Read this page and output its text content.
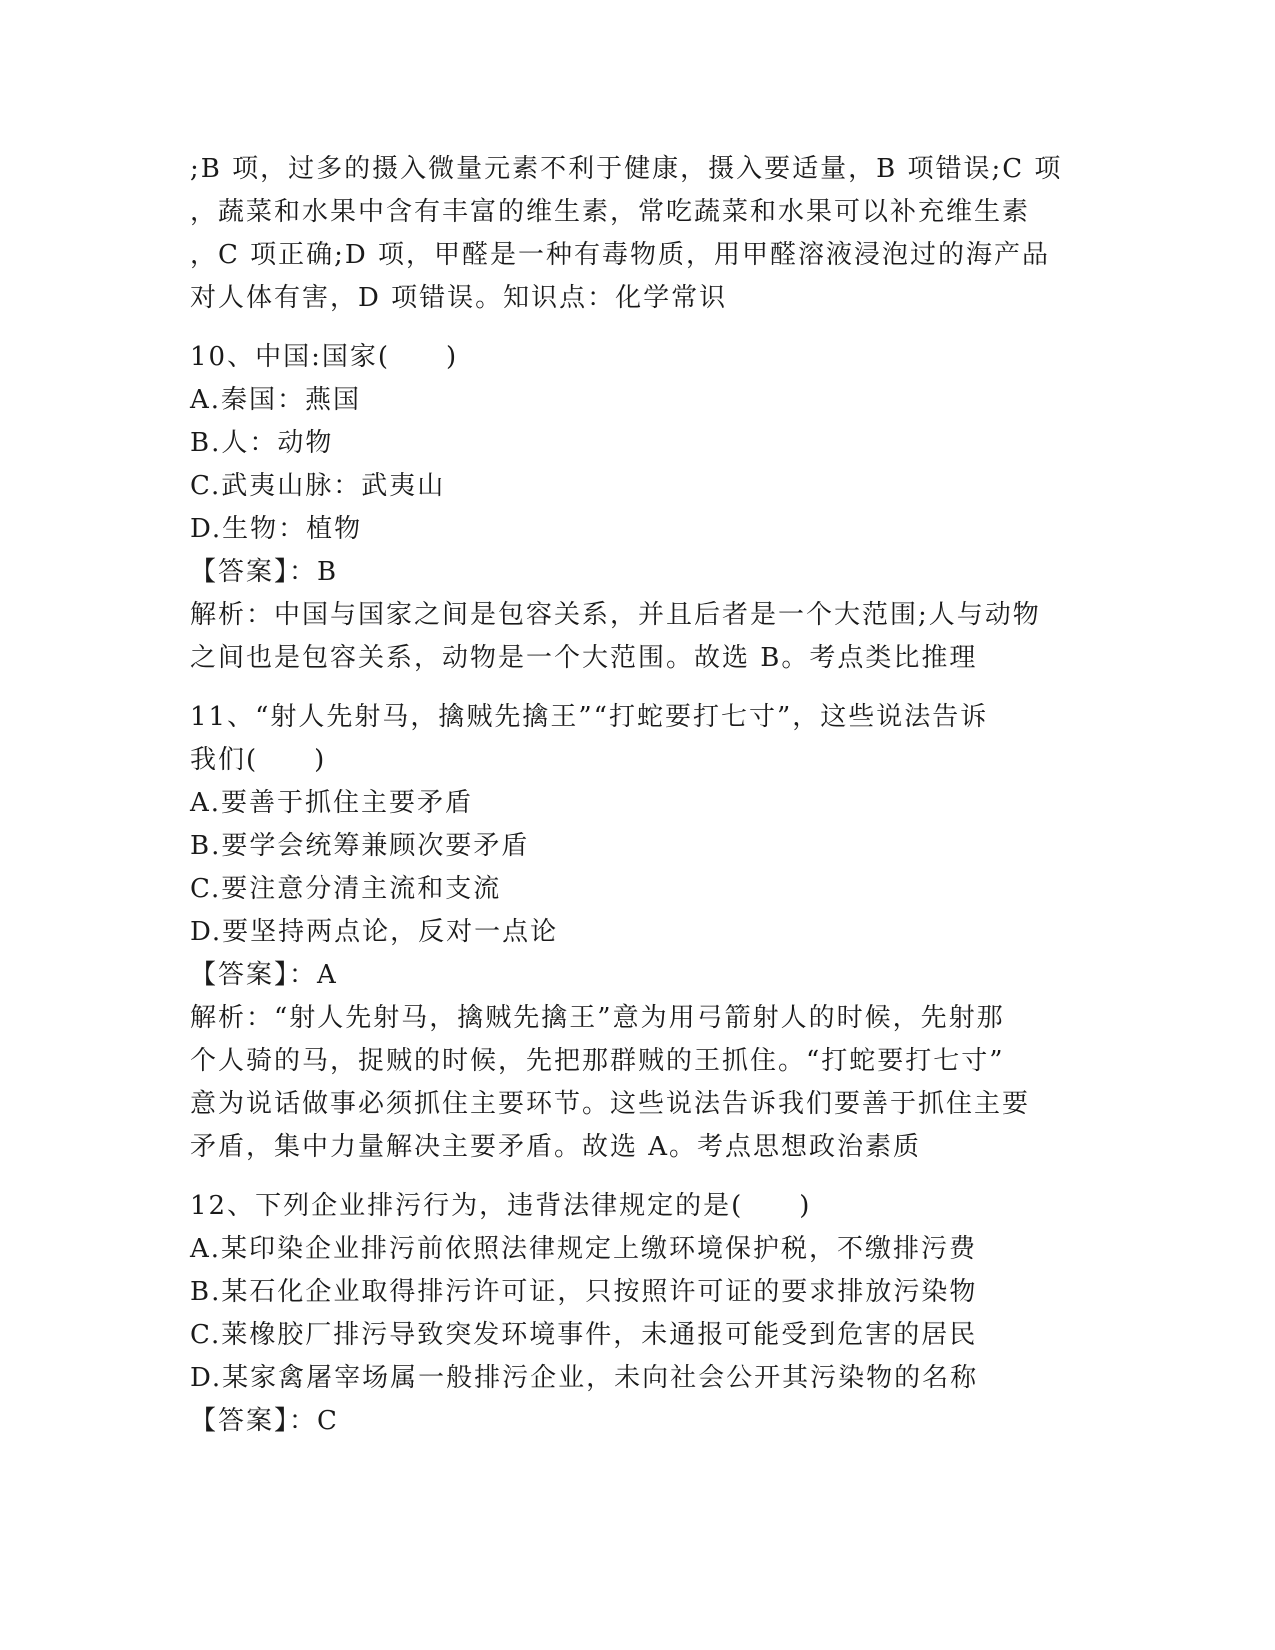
;B 项，过多的摄入微量元素不利于健康，摄入要适量，B 项错误;C 项
，蔬菜和水果中含有丰富的维生素，常吃蔬菜和水果可以补充维生素
，C 项正确;D 项，甲醛是一种有毒物质，用甲醛溶液浸泡过的海产品
对人体有害，D 项错误。知识点：化学常识
10、中国:国家(　　)
A.秦国：燕国
B.人：动物
C.武夷山脉：武夷山
D.生物：植物
【答案】：B
解析：中国与国家之间是包容关系，并且后者是一个大范围;人与动物
之间也是包容关系，动物是一个大范围。故选 B。考点类比推理
11、“射人先射马，擒贼先擒王”“打蛇要打七寸”，这些说法告诉
我们(　　)
A.要善于抓住主要矛盾
B.要学会统筹兼顾次要矛盾
C.要注意分清主流和支流
D.要坚持两点论，反对一点论
【答案】：A
解析：“射人先射马，擒贼先擒王”意为用弓箭射人的时候，先射那
个人骑的马，捉贼的时候，先把那群贼的王抓住。“打蛇要打七寸”
意为说话做事必须抓住主要环节。这些说法告诉我们要善于抓住主要
矛盾，集中力量解决主要矛盾。故选 A。考点思想政治素质
12、下列企业排污行为，违背法律规定的是(　　)
A.某印染企业排污前依照法律规定上缴环境保护税，不缴排污费
B.某石化企业取得排污许可证，只按照许可证的要求排放污染物
C.莱橡胶厂排污导致突发环境事件，未通报可能受到危害的居民
D.某家禽屠宰场属一般排污企业，未向社会公开其污染物的名称
【答案】：C
